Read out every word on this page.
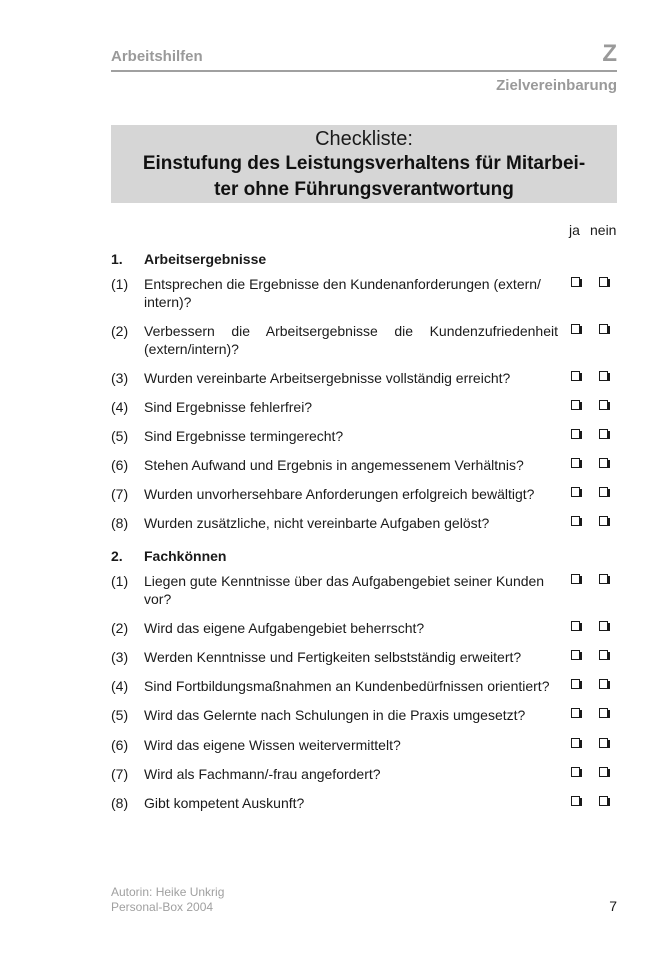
Arbeitshilfen	Z
Zielvereinbarung
Checkliste:
Einstufung des Leistungsverhaltens für Mitarbei-
ter ohne Führungsverantwortung
ja nein
1. Arbeitsergebnisse
(1) Entsprechen die Ergebnisse den Kundenanforderungen (extern/
intern)?
(2) Verbessern die Arbeitsergebnisse die Kundenzufriedenheit
(extern/intern)?
(3) Wurden vereinbarte Arbeitsergebnisse vollständig erreicht?
(4) Sind Ergebnisse fehlerfrei?
(5) Sind Ergebnisse termingerecht?
(6) Stehen Aufwand und Ergebnis in angemessenem Verhältnis?
(7) Wurden unvorhersehbare Anforderungen erfolgreich bewältigt?
(8) Wurden zusätzliche, nicht vereinbarte Aufgaben gelöst?
2. Fachkönnen
(1) Liegen gute Kenntnisse über das Aufgabengebiet seiner Kunden
vor?
(2) Wird das eigene Aufgabengebiet beherrscht?
(3) Werden Kenntnisse und Fertigkeiten selbstständig erweitert?
(4) Sind Fortbildungsmaßnahmen an Kundenbedürfnissen orientiert?
(5) Wird das Gelernte nach Schulungen in die Praxis umgesetzt?
(6) Wird das eigene Wissen weitervermittelt?
(7) Wird als Fachmann/-frau angefordert?
(8) Gibt kompetent Auskunft?
Autorin: Heike Unkrig
Personal-Box 2004	7
